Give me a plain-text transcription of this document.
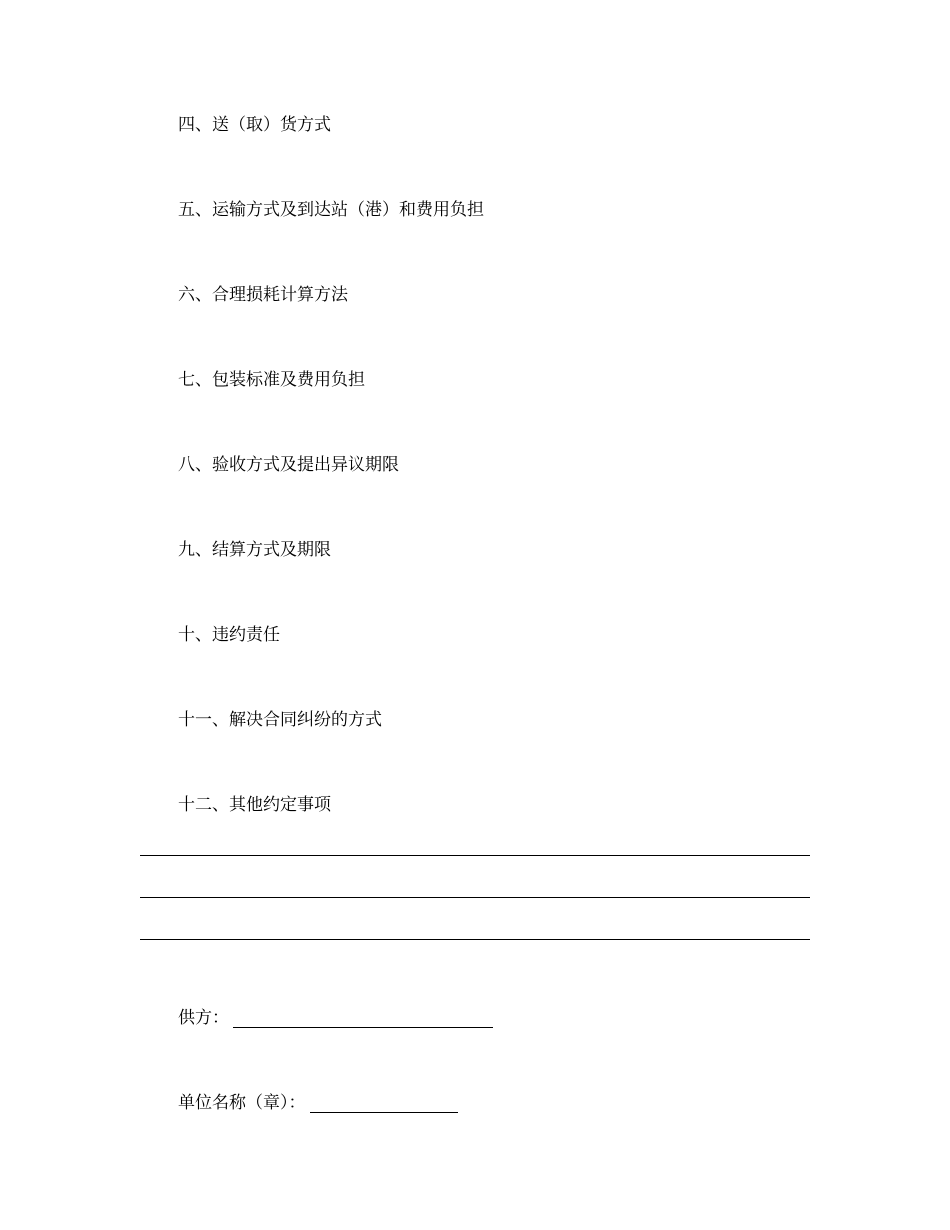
四、送（取）货方式
五、运输方式及到达站（港）和费用负担
六、合理损耗计算方法
七、包装标准及费用负担
八、验收方式及提出异议期限
九、结算方式及期限
十、违约责任
十一、解决合同纠纷的方式
十二、其他约定事项
供方：
单位名称（章）：
